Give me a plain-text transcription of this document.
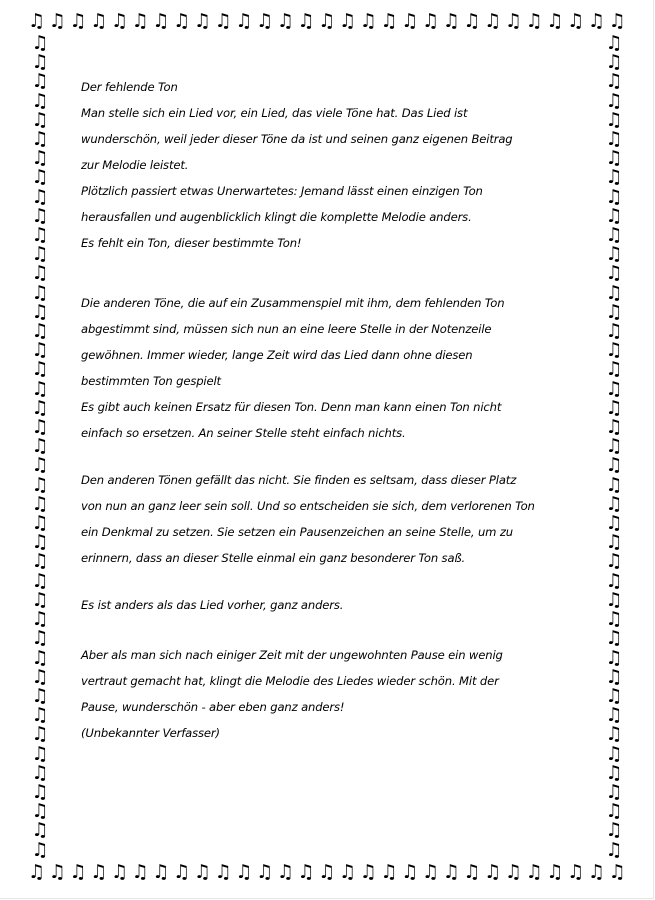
♫ ♫ ♫ ♫ ♫ ♫ ♫ ♫ ♫ ♫ ♫ ♫ ♫ ♫ ♫ ♫ ♫ ♫ ♫ ♫ ♫ ♫ ♫ ♫ ♫ ♫ ♫ ♫ ♫
♫ ♫ ♫ ♫ ♫ ♫ ♫ ♫ ♫ ♫ ♫ ♫ ♫ ♫ ♫ ♫ ♫ ♫ ♫ ♫ ♫ ♫ ♫ ♫ ♫ ♫ ♫ ♫ ♫
♫
♫
♫
♫
♫
♫
♫
♫
♫
♫
♫
♫
♫
♫
♫
♫
♫
♫
♫
♫
♫
♫
♫
♫
♫
♫
♫
♫
♫
♫
♫
♫
♫
♫
♫
♫
♫
♫
♫
♫
♫
♫
♫
♫
♫
♫
♫
♫
♫
♫
♫
♫
♫
♫
♫
♫
♫
♫
♫
♫
♫
♫
♫
♫
♫
♫
♫
♫
♫
♫
♫
♫
♫
♫
♫
♫
♫
♫
♫
♫
♫
♫
♫
♫
♫
♫

Der fehlende Ton

Man stelle sich ein Lied vor, ein Lied, das viele Töne hat. Das Lied ist

wunderschön, weil jeder dieser Töne da ist und seinen ganz eigenen Beitrag

zur Melodie leistet.

Plötzlich passiert etwas Unerwartetes: Jemand lässt einen einzigen Ton

herausfallen und augenblicklich klingt die komplette Melodie anders.

Es fehlt ein Ton, dieser bestimmte Ton!

Die anderen Töne, die auf ein Zusammenspiel mit ihm, dem fehlenden Ton

abgestimmt sind, müssen sich nun an eine leere Stelle in der Notenzeile

gewöhnen. Immer wieder, lange Zeit wird das Lied dann ohne diesen

bestimmten Ton gespielt

Es gibt auch keinen Ersatz für diesen Ton. Denn man kann einen Ton nicht

einfach so ersetzen. An seiner Stelle steht einfach nichts.

Den anderen Tönen gefällt das nicht. Sie finden es seltsam, dass dieser Platz

von nun an ganz leer sein soll. Und so entscheiden sie sich, dem verlorenen Ton

ein Denkmal zu setzen. Sie setzen ein Pausenzeichen an seine Stelle, um zu

erinnern, dass an dieser Stelle einmal ein ganz besonderer Ton saß.

Es ist anders als das Lied vorher, ganz anders.

Aber als man sich nach einiger Zeit mit der ungewohnten Pause ein wenig

vertraut gemacht hat, klingt die Melodie des Liedes wieder schön. Mit der

Pause, wunderschön - aber eben ganz anders!

(Unbekannter Verfasser)
